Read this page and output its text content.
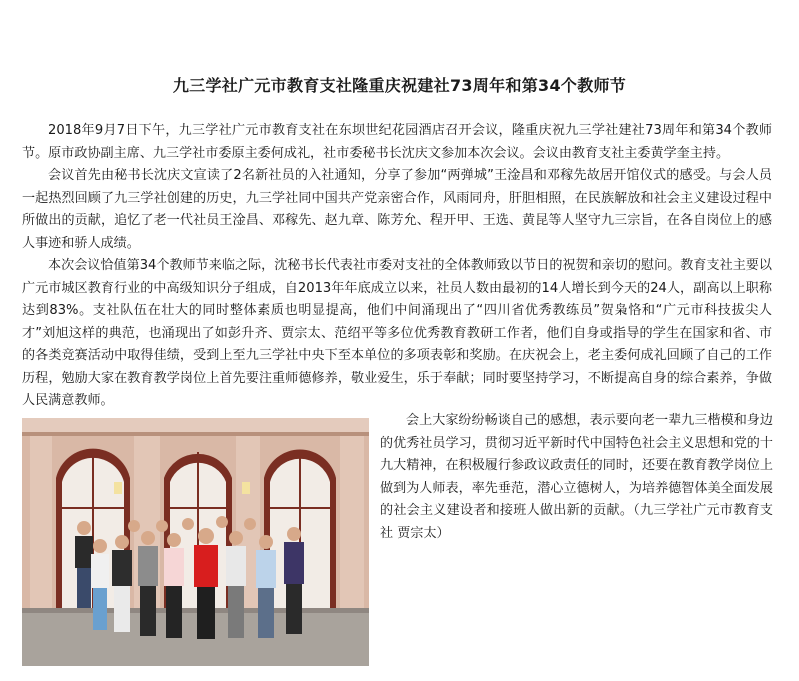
九三学社广元市教育支社隆重庆祝建社73周年和第34个教师节

2018年9月7日下午，九三学社广元市教育支社在东坝世纪花园酒店召开会议，隆重庆祝九三学社建社73周年和第34个教师节。原市政协副主席、九三学社市委原主委何成礼，社市委秘书长沈庆文参加本次会议。会议由教育支社主委黄学奎主持。

会议首先由秘书长沈庆文宣读了2名新社员的入社通知，分享了参加“两弹城”王淦昌和邓稼先故居开馆仪式的感受。与会人员一起热烈回顾了九三学社创建的历史，九三学社同中国共产党亲密合作，风雨同舟，肝胆相照，在民族解放和社会主义建设过程中所做出的贡献，追忆了老一代社员王淦昌、邓稼先、赵九章、陈芳允、程开甲、王选、黄昆等人坚守九三宗旨，在各自岗位上的感人事迹和骄人成绩。

本次会议恰值第34个教师节来临之际，沈秘书长代表社市委对支社的全体教师致以节日的祝贺和亲切的慰问。教育支社主要以广元市城区教育行业的中高级知识分子组成，自2013年年底成立以来，社员人数由最初的14人增长到今天的24人，副高以上职称达到83%。支社队伍在壮大的同时整体素质也明显提高，他们中间涌现出了“四川省优秀教练员”贺枭恪和“广元市科技拔尖人才”刘旭这样的典范，也涌现出了如彭升齐、贾宗太、范绍平等多位优秀教育教研工作者，他们自身或指导的学生在国家和省、市的各类竞赛活动中取得佳绩，受到上至九三学社中央下至本单位的多项表彰和奖励。在庆祝会上，老主委何成礼回顾了自己的工作历程，勉励大家在教育教学岗位上首先要注重师德修养，敬业爱生，乐于奉献；同时要坚持学习，不断提高自身的综合素养，争做人民满意教师。

会上大家纷纷畅谈自己的感想，表示要向老一辈九三楷模和身边的优秀社员学习，贯彻习近平新时代中国特色社会主义思想和党的十九大精神，在积极履行参政议政责任的同时，还要在教育教学岗位上做到为人师表，率先垂范，潜心立德树人，为培养德智体美全面发展的社会主义建设者和接班人做出新的贡献。（九三学社广元市教育支社 贾宗太）
